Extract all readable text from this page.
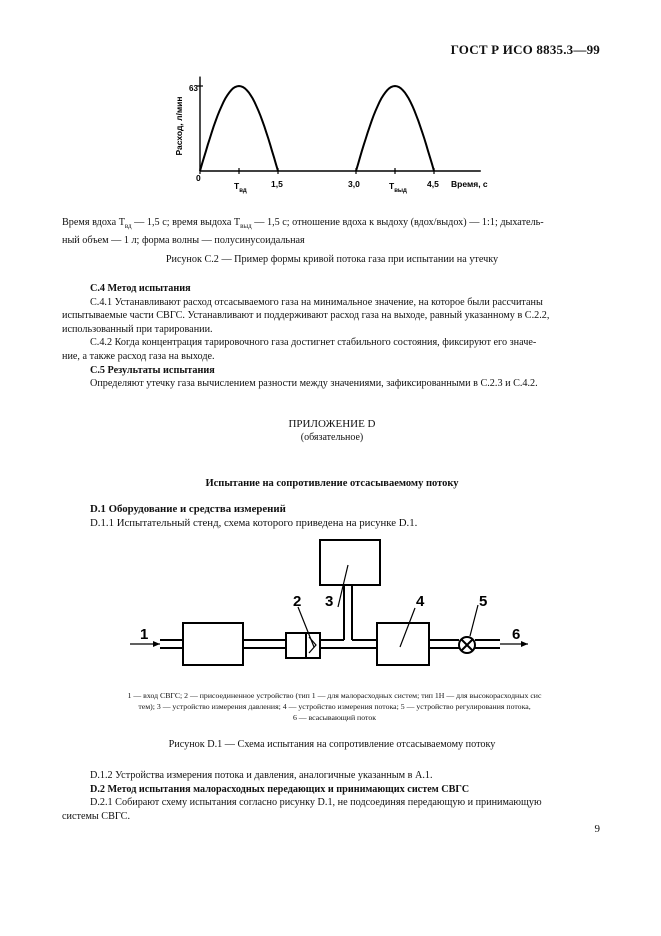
ГОСТ Р ИСО 8835.3—99
Расход, л/мин
63
0
$Т_{вд}$
1,5	3,0	$Т_{выд}$
4,5 Время, с
Время вдоха $Т_{вд}$ — 1,5 с; время выдоха $Т_{выд}$ — 1,5 с; отношение вдоха к выдоху (вдох/выдох) — 1:1; дыхатель-
ный объем — 1 л; форма волны — полусинусоидальная
Рисунок С.2 — Пример формы кривой потока газа при испытании на утечку
С.4 Метод испытания
С.4.1 Устанавливают расход отсасываемого газа на минимальное значение, на которое были рассчитаны
испытываемые части СВГС. Устанавливают и поддерживают расход газа на выходе, равный указанному в С.2.2,
использованный при тарировании.
С.4.2 Когда концентрация тарировочного газа достигнет стабильного состояния, фиксируют его значе-
ние, а также расход газа на выходе.
С.5 Результаты испытания
Определяют утечку газа вычислением разности между значениями, зафиксированными в С.2.3 и С.4.2.
ПРИЛОЖЕНИЕ D
(обязательное)
Испытание на сопротивление отсасываемому потоку
D.1 Оборудование и средства измерений
D.1.1 Испытательный стенд, схема которого приведена на рисунке D.1.
1
2 3	4	5
6
1 — вход СВГС; 2 — присоединенное устройство (тип 1 — для малорасходных систем; тип 1Н — для высокорасходных сис
тем); 3 — устройство измерения давления; 4 — устройство измерения потока; 5 — устройство регулирования потока,
6 — всасывающий поток
Рисунок D.1 — Схема испытания на сопротивление отсасываемому потоку
D.1.2 Устройства измерения потока и давления, аналогичные указанным в А.1.
D.2 Метод испытания малорасходных передающих и принимающих систем СВГС
D.2.1 Собирают схему испытания согласно рисунку D.1, не подсоединяя передающую и принимающую
системы СВГС.
9
